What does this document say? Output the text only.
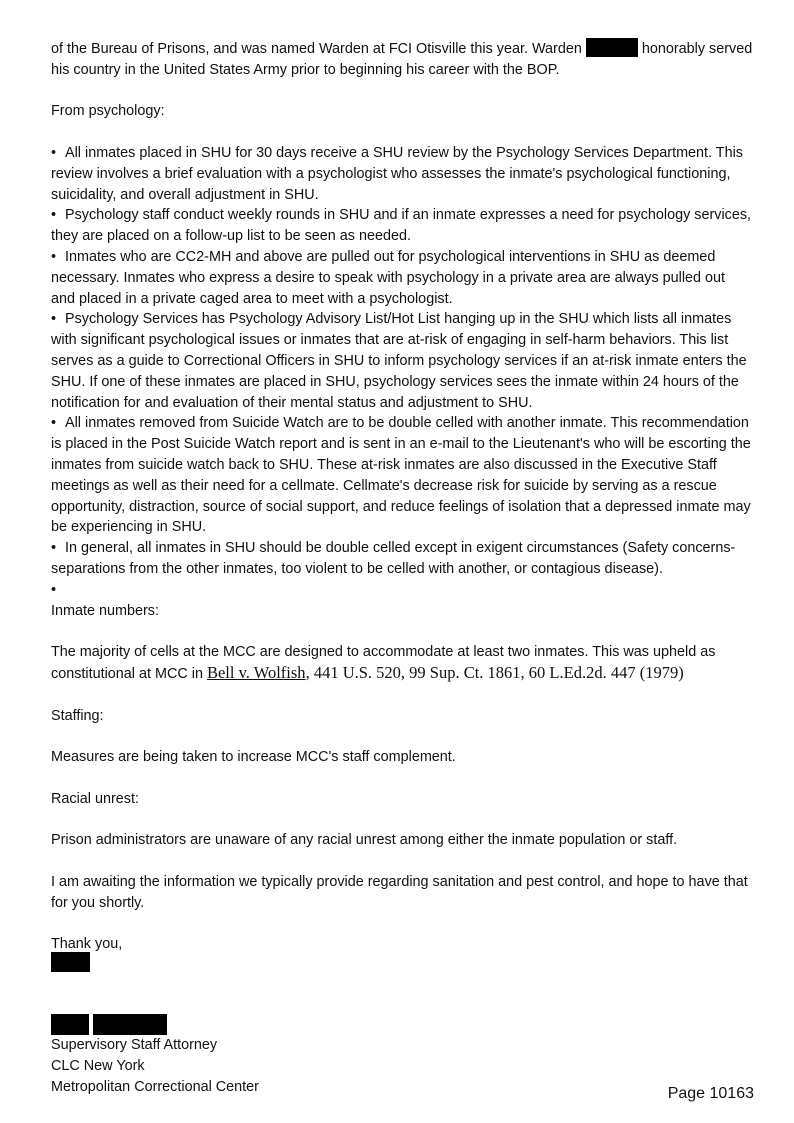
of the Bureau of Prisons, and was named Warden at FCI Otisville this year. Warden	honorably served his country in the United States Army prior to beginning his career with the BOP.

From psychology:

• All inmates placed in SHU for 30 days receive a SHU review by the Psychology Services Department. This review involves a brief evaluation with a psychologist who assesses the inmate's psychological functioning, suicidality, and overall adjustment in SHU.

• Psychology staff conduct weekly rounds in SHU and if an inmate expresses a need for psychology services, they are placed on a follow-up list to be seen as needed.

• Inmates who are CC2-MH and above are pulled out for psychological interventions in SHU as deemed necessary. Inmates who express a desire to speak with psychology in a private area are always pulled out and placed in a private caged area to meet with a psychologist.

• Psychology Services has Psychology Advisory List/Hot List hanging up in the SHU which lists all inmates with significant psychological issues or inmates that are at-risk of engaging in self-harm behaviors. This list serves as a guide to Correctional Officers in SHU to inform psychology services if an at-risk inmate enters the SHU. If one of these inmates are placed in SHU, psychology services sees the inmate within 24 hours of the notification for and evaluation of their mental status and adjustment to SHU.

• All inmates removed from Suicide Watch are to be double celled with another inmate. This recommendation is placed in the Post Suicide Watch report and is sent in an e-mail to the Lieutenant's who will be escorting the inmates from suicide watch back to SHU. These at-risk inmates are also discussed in the Executive Staff meetings as well as their need for a cellmate. Cellmate's decrease risk for suicide by serving as a rescue opportunity, distraction, source of social support, and reduce feelings of isolation that a depressed inmate may be experiencing in SHU.

• In general, all inmates in SHU should be double celled except in exigent circumstances (Safety concerns-separations from the other inmates, too violent to be celled with another, or contagious disease).

•

Inmate numbers:

The majority of cells at the MCC are designed to accommodate at least two inmates. This was upheld as constitutional at MCC in Bell v. Wolfish, 441 U.S. 520, 99 Sup. Ct. 1861, 60 L.Ed.2d. 447 (1979)

Staffing:

Measures are being taken to increase MCC's staff complement.

Racial unrest:

Prison administrators are unaware of any racial unrest among either the inmate population or staff.

I am awaiting the information we typically provide regarding sanitation and pest control, and hope to have that for you shortly.

Thank you,

Supervisory Staff Attorney

CLC New York

Metropolitan Correctional Center	Page 10163
